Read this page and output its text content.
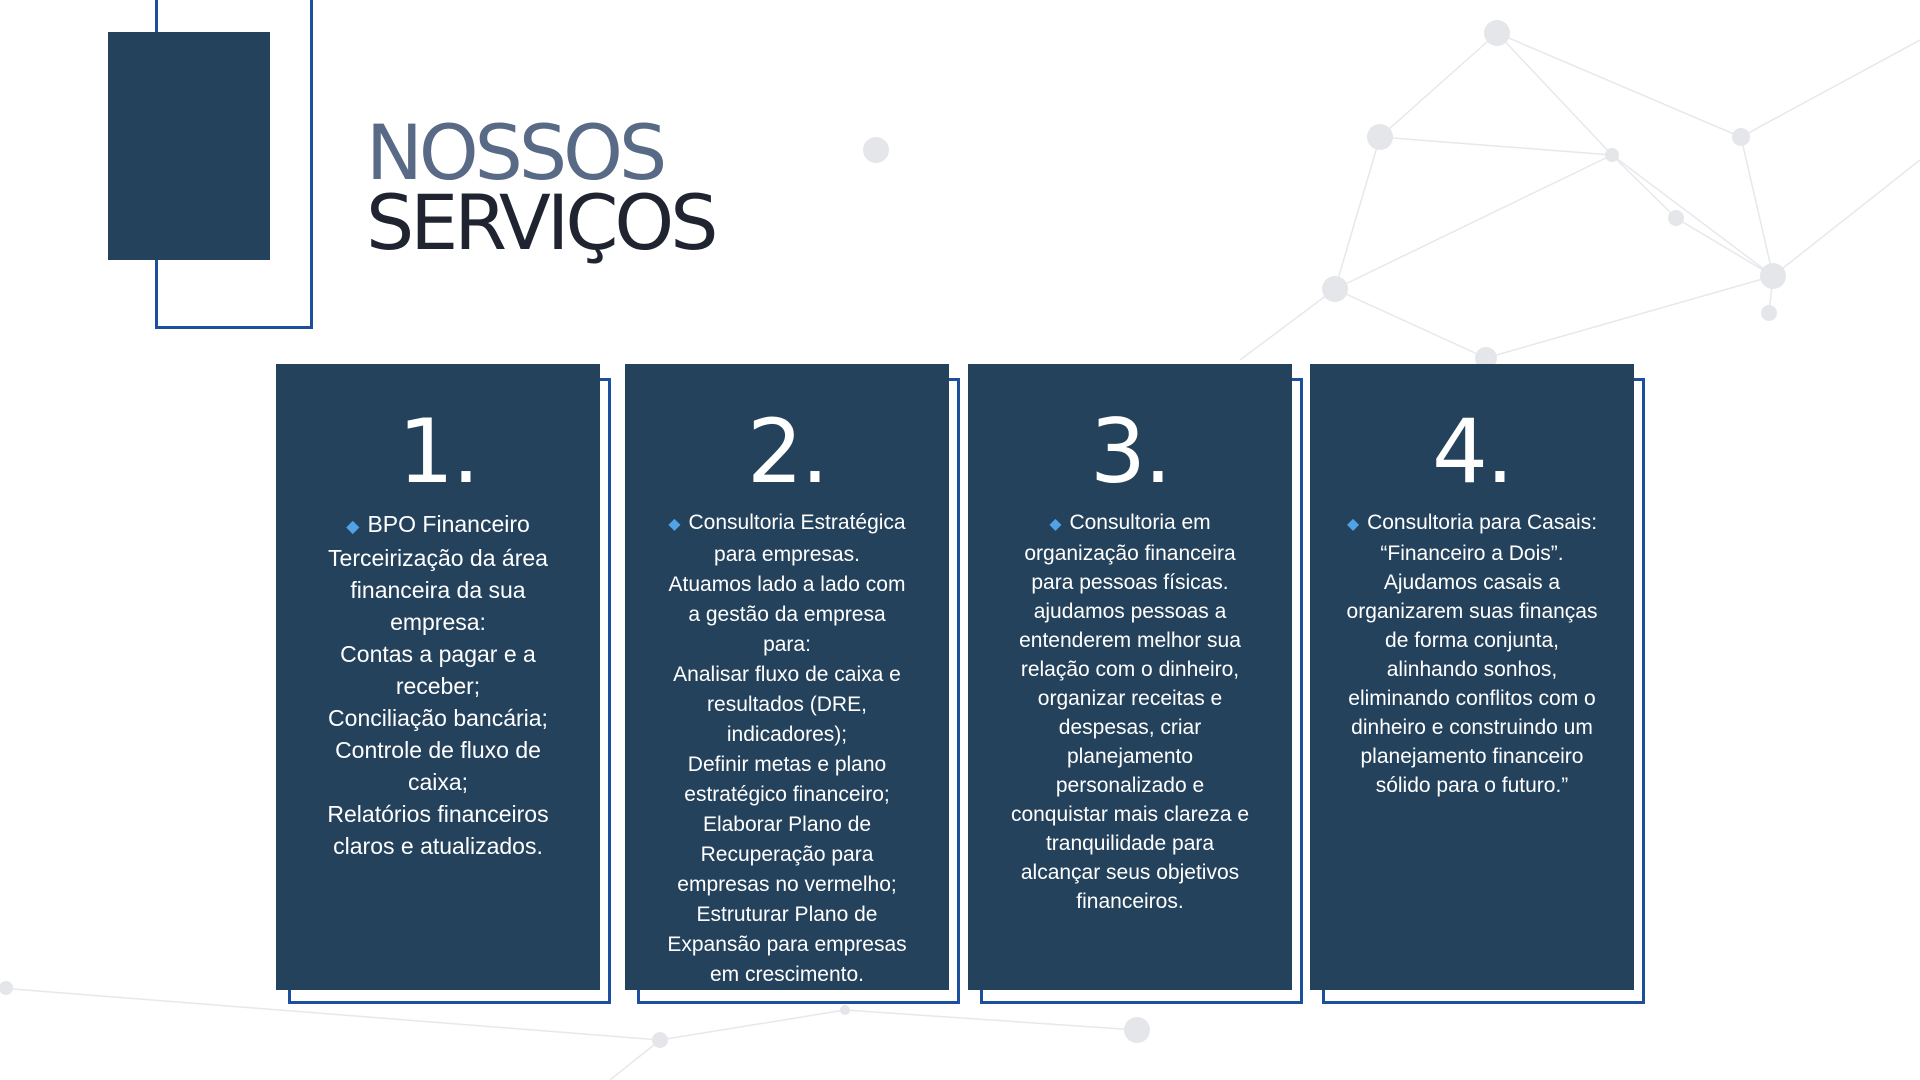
NOSSOS
SERVIÇOS
1.

◆ BPO Financeiro
Terceirização da área
financeira da sua
empresa:
Contas a pagar e a
receber;
Conciliação bancária;
Controle de fluxo de
caixa;
Relatórios financeiros
claros e atualizados.

2.

◆ Consultoria Estratégica
para empresas.
Atuamos lado a lado com
a gestão da empresa
para:
Analisar fluxo de caixa e
resultados (DRE,
indicadores);
Definir metas e plano
estratégico financeiro;
Elaborar Plano de
Recuperação para
empresas no vermelho;
Estruturar Plano de
Expansão para empresas
em crescimento.

3.

◆ Consultoria em
organização financeira
para pessoas físicas.
ajudamos pessoas a
entenderem melhor sua
relação com o dinheiro,
organizar receitas e
despesas, criar
planejamento
personalizado e
conquistar mais clareza e
tranquilidade para
alcançar seus objetivos
financeiros.

4.

◆ Consultoria para Casais:
“Financeiro a Dois”.
Ajudamos casais a
organizarem suas finanças
de forma conjunta,
alinhando sonhos,
eliminando conflitos com o
dinheiro e construindo um
planejamento financeiro
sólido para o futuro.”
